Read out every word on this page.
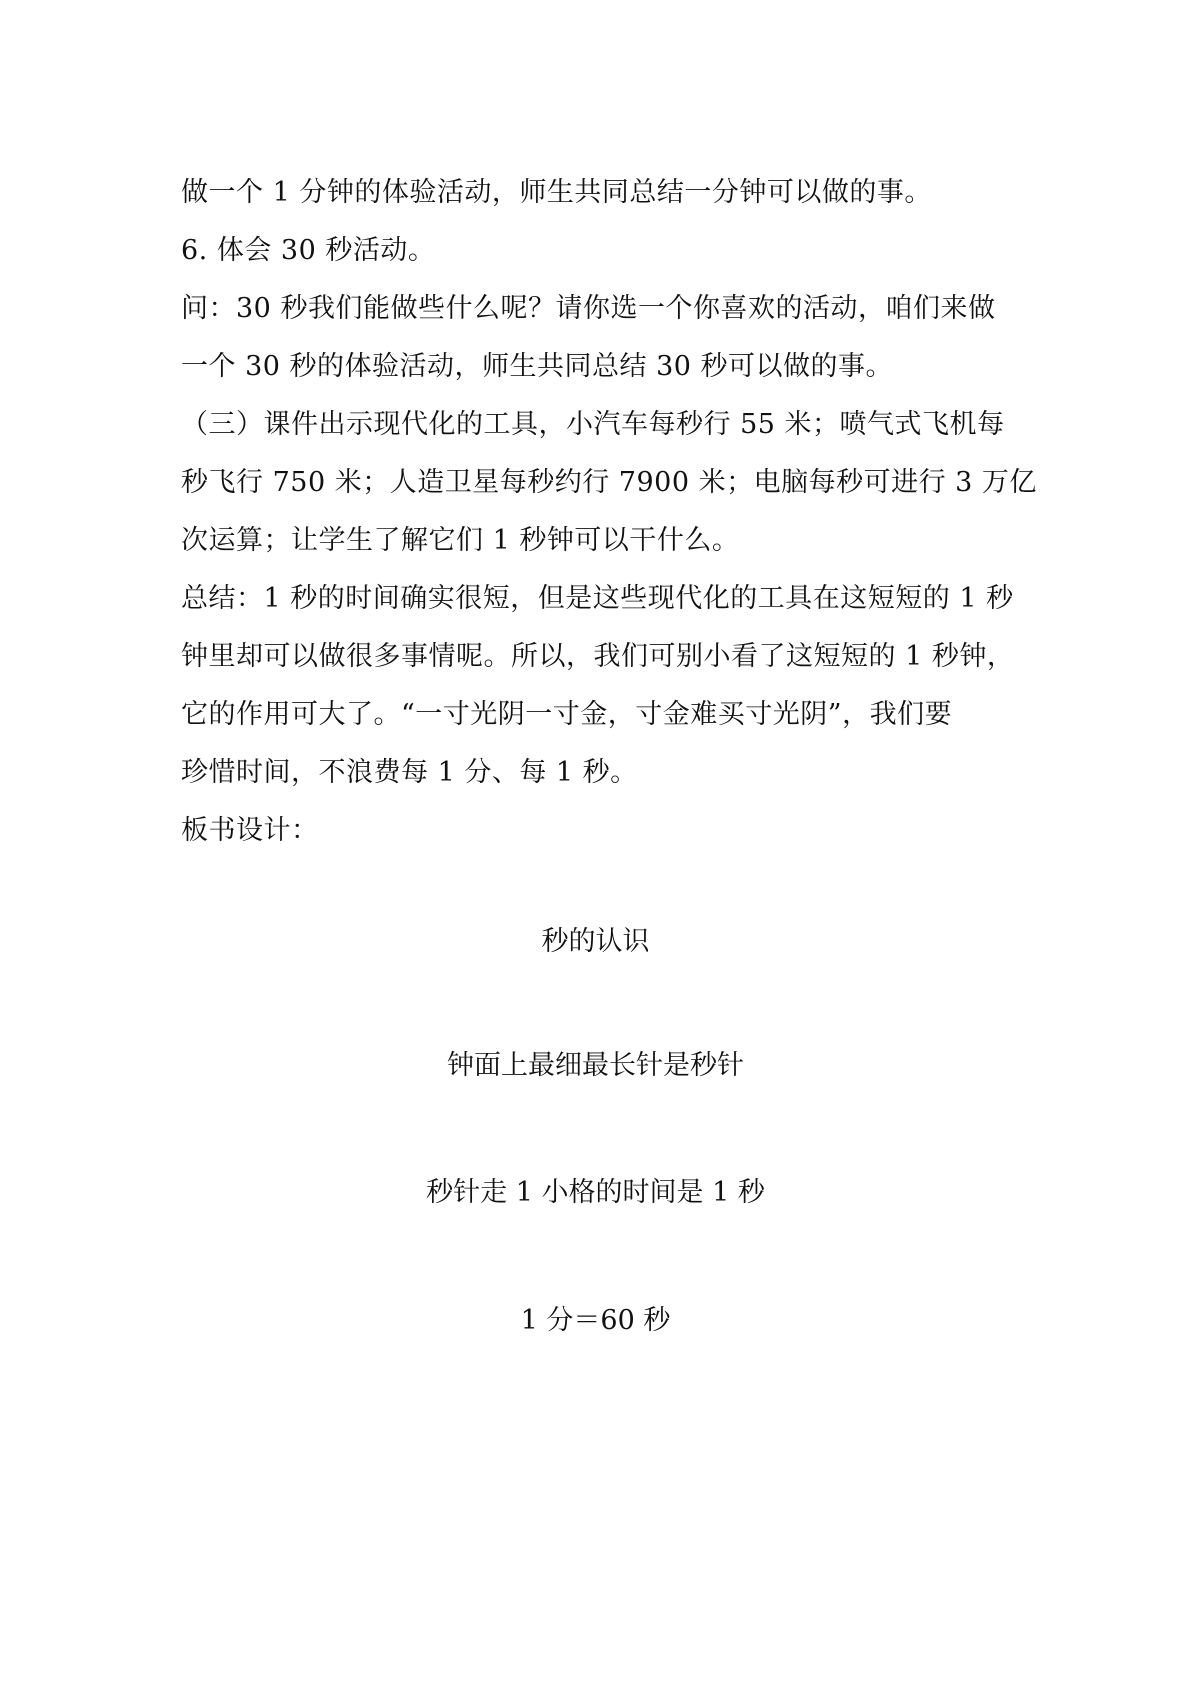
做一个 1 分钟的体验活动，师生共同总结一分钟可以做的事。
6. 体会 30 秒活动。
问：30 秒我们能做些什么呢？请你选一个你喜欢的活动，咱们来做
一个 30 秒的体验活动，师生共同总结 30 秒可以做的事。
（三）课件出示现代化的工具，小汽车每秒行 55 米；喷气式飞机每
秒飞行 750 米；人造卫星每秒约行 7900 米；电脑每秒可进行 3 万亿
次运算；让学生了解它们 1 秒钟可以干什么。
总结：1 秒的时间确实很短，但是这些现代化的工具在这短短的 1 秒
钟里却可以做很多事情呢。所以，我们可别小看了这短短的 1 秒钟，
它的作用可大了。“一寸光阴一寸金，寸金难买寸光阴”，我们要
珍惜时间，不浪费每 1 分、每 1 秒。
板书设计：
秒的认识
钟面上最细最长针是秒针
秒针走 1 小格的时间是 1 秒
1 分＝60 秒
